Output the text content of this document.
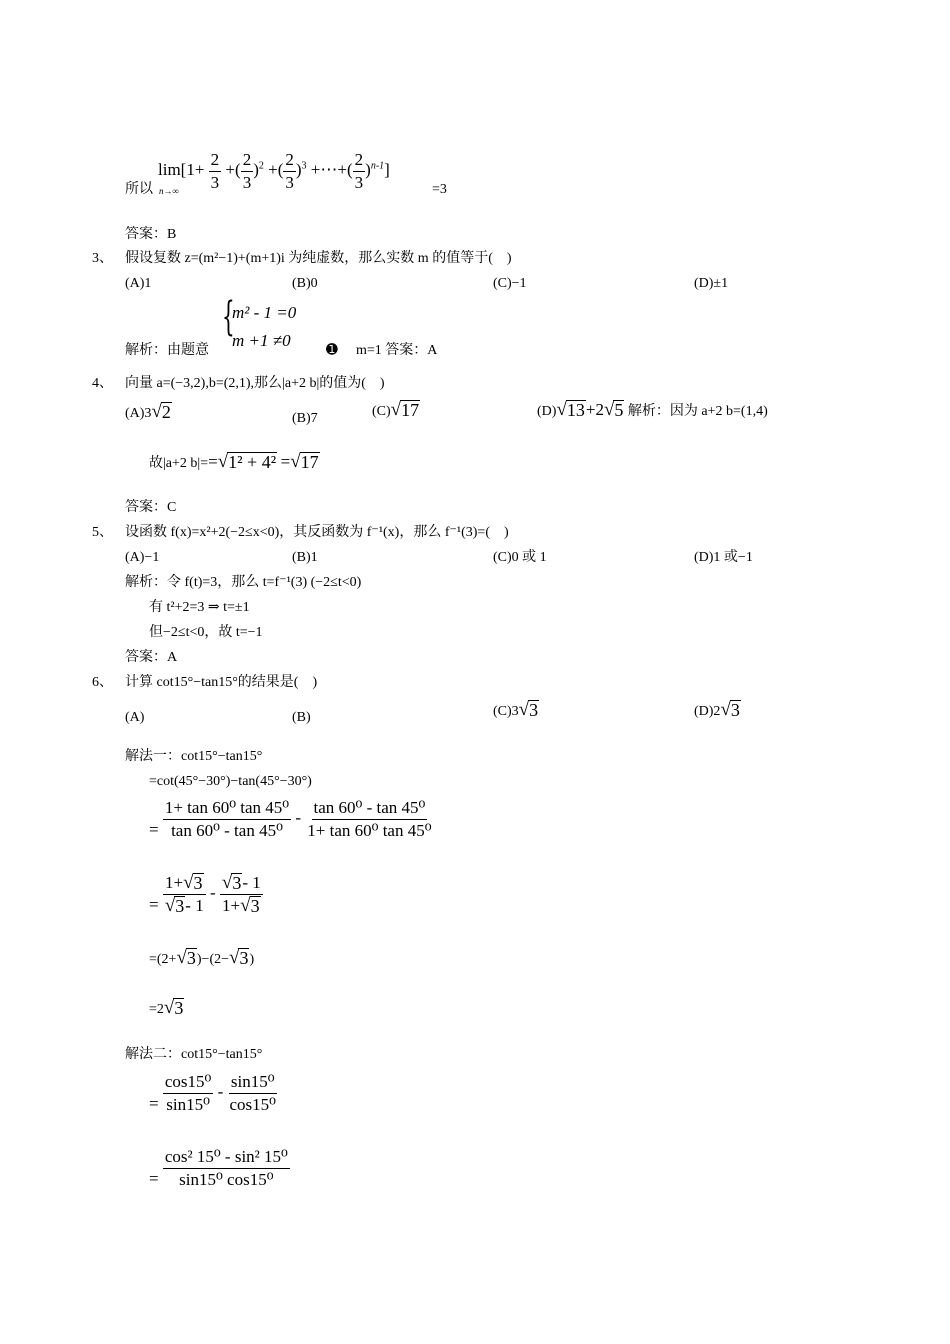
lim[1+
n→∞
$\frac{2}{3}$ +( $\frac{2}{3} )^2$ +( $\frac{2}{3} )^3$ +⋯+( $\frac{2}{3} )^{n-1}$]
所以	=3
答案：B
3、 假设复数 z=(m²−1)+(m+1)i 为纯虚数，那么实数 m 的值等于(　)
(A)1	(B)0	(C)−1	(D)±1
{
m² - 1 =0
m +1 ≠0
解析：由题意	➊ m=1 答案：A
4、 向量 a=(−3,2),b=(2,1),那么|a+2 b|的值为(　)
(A)3 √ 2	(B)7	(C) √ 17	(D) √ 13 +2 √ 5 解析：因为 a+2 b=(1,4)
故|a+2 b|== √ 1² + 4² = √ 17
答案：C
5、 设函数 f(x)=x²+2(−2≤x<0)，其反函数为 f⁻¹(x)，那么 f⁻¹(3)=(　)
(A)−1	(B)1	(C)0 或 1	(D)1 或−1
解析：令 f(t)=3，那么 t=f⁻¹(3) (−2≤t<0)
有 t²+2=3 ⇒ t=±1
但−2≤t<0，故 t=−1
答案：A
6、 计算 cot15°−tan15°的结果是(　)
(A)	(B)	(C)3 √ 3	(D)2 √ 3
解法一：cot15°−tan15°
=cot(45°−30°)−tan(45°−30°)
= $\frac{\text{1+ tan 60⁰ tan 45⁰}}{\text{tan 60⁰ - tan 45⁰}} - \frac{\text{tan 60⁰ - tan 45⁰}}{\text{1+ tan 60⁰ tan 45⁰}}$
= $\frac{1+ √ 3}{√ 3 - 1} - \frac{√ 3 - 1}{1+ √ 3}$
=(2+ √ 3 )−(2− √ 3 )
=2 √ 3
解法二：cot15°−tan15°
= $\frac{\text{cos15⁰}}{\text{sin15⁰}} - \frac{\text{sin15⁰}}{\text{cos15⁰}}$
= $\frac{\text{cos² 15⁰ - sin² 15⁰}}{\text{sin15⁰ cos15⁰}}$
